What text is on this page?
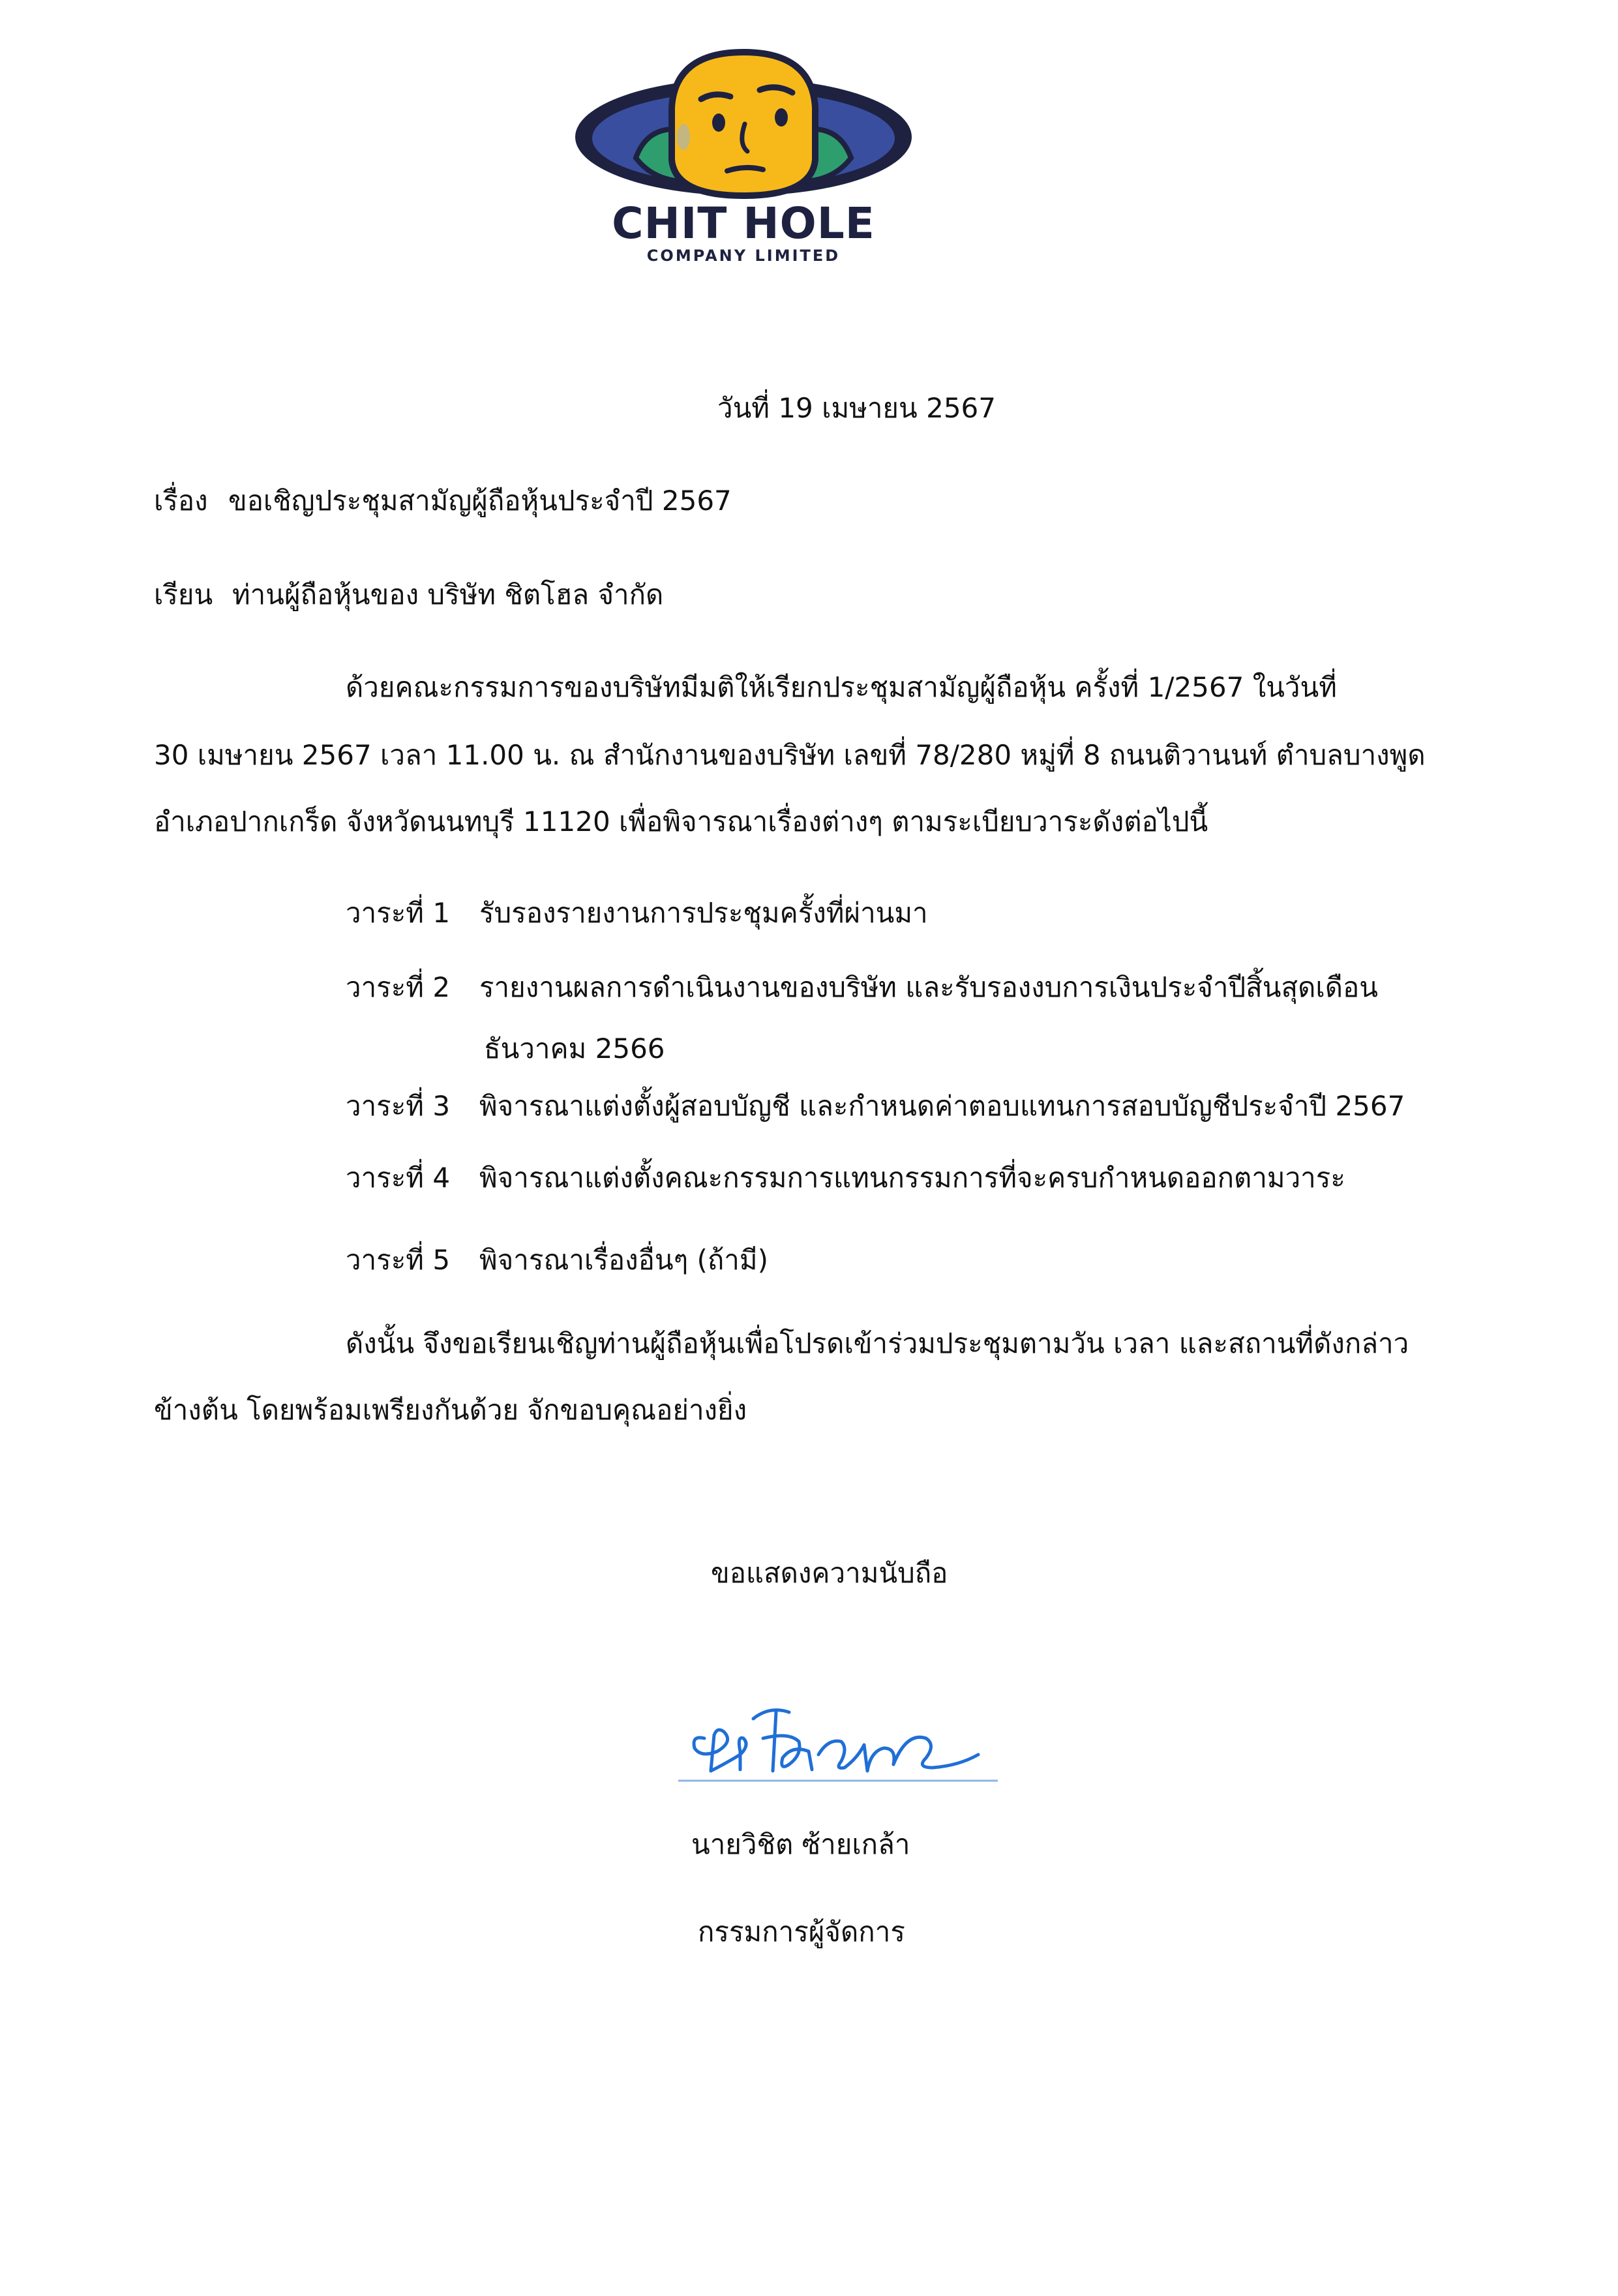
CHIT HOLE
COMPANY LIMITED
วันที่ 19 เมษายน 2567
เรื่อง ขอเชิญประชุมสามัญผู้ถือหุ้นประจำปี 2567
เรียน ท่านผู้ถือหุ้นของ บริษัท ชิตโฮล จำกัด
ด้วยคณะกรรมการของบริษัทมีมติให้เรียกประชุมสามัญผู้ถือหุ้น ครั้งที่ 1/2567 ในวันที่
30 เมษายน 2567 เวลา 11.00 น. ณ สำนักงานของบริษัท เลขที่ 78/280 หมู่ที่ 8 ถนนติวานนท์ ตำบลบางพูด
อำเภอปากเกร็ด จังหวัดนนทบุรี 11120 เพื่อพิจารณาเรื่องต่างๆ ตามระเบียบวาระดังต่อไปนี้
วาระที่ 1 รับรองรายงานการประชุมครั้งที่ผ่านมา
วาระที่ 2 รายงานผลการดำเนินงานของบริษัท และรับรองงบการเงินประจำปีสิ้นสุดเดือน
ธันวาคม 2566
วาระที่ 3 พิจารณาแต่งตั้งผู้สอบบัญชี และกำหนดค่าตอบแทนการสอบบัญชีประจำปี 2567
วาระที่ 4 พิจารณาแต่งตั้งคณะกรรมการแทนกรรมการที่จะครบกำหนดออกตามวาระ
วาระที่ 5 พิจารณาเรื่องอื่นๆ (ถ้ามี)
ดังนั้น จึงขอเรียนเชิญท่านผู้ถือหุ้นเพื่อโปรดเข้าร่วมประชุมตามวัน เวลา และสถานที่ดังกล่าว
ข้างต้น โดยพร้อมเพรียงกันด้วย จักขอบคุณอย่างยิ่ง
ขอแสดงความนับถือ
นายวิชิต ซ้ายเกล้า
กรรมการผู้จัดการ
